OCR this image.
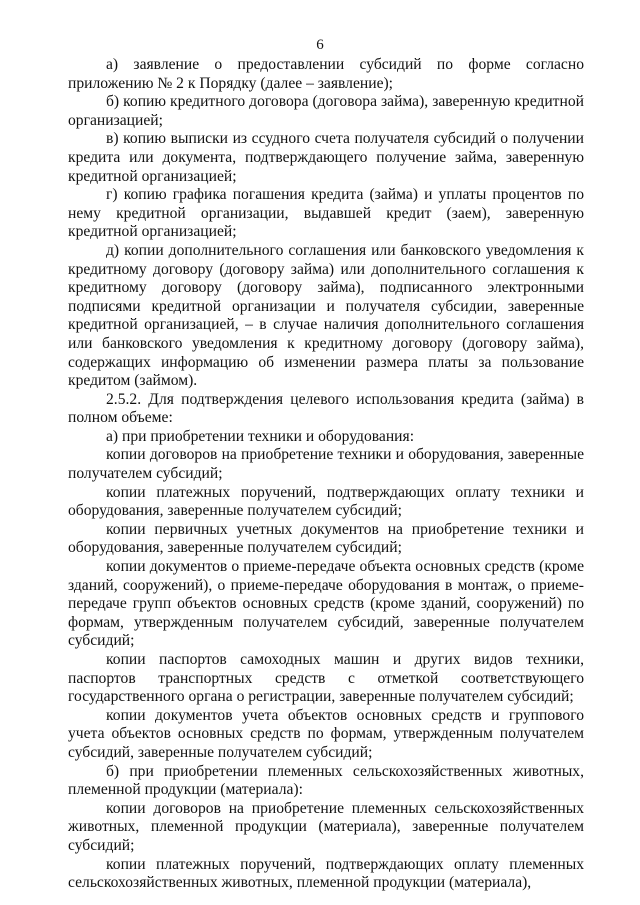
6

а) заявление о предоставлении субсидий по форме согласно приложению № 2 к Порядку (далее – заявление);

б) копию кредитного договора (договора займа), заверенную кредитной организацией;

в) копию выписки из ссудного счета получателя субсидий о получении кредита или документа, подтверждающего получение займа, заверенную кредитной организацией;

г) копию графика погашения кредита (займа) и уплаты процентов по нему кредитной организации, выдавшей кредит (заем), заверенную кредитной организацией;

д) копии дополнительного соглашения или банковского уведомления к кредитному договору (договору займа) или дополнительного соглашения к кредитному договору (договору займа), подписанного электронными подписями кредитной организации и получателя субсидии, заверенные кредитной организацией, – в случае наличия дополнительного соглашения или банковского уведомления к кредитному договору (договору займа), содержащих информацию об изменении размера платы за пользование кредитом (займом).

2.5.2. Для подтверждения целевого использования кредита (займа) в полном объеме:

а) при приобретении техники и оборудования:

копии договоров на приобретение техники и оборудования, заверенные получателем субсидий;

копии платежных поручений, подтверждающих оплату техники и оборудования, заверенные получателем субсидий;

копии первичных учетных документов на приобретение техники и оборудования, заверенные получателем субсидий;

копии документов о приеме-передаче объекта основных средств (кроме зданий, сооружений), о приеме-передаче оборудования в монтаж, о приеме-передаче групп объектов основных средств (кроме зданий, сооружений) по формам, утвержденным получателем субсидий, заверенные получателем субсидий;

копии паспортов самоходных машин и других видов техники, паспортов транспортных средств с отметкой соответствующего государственного органа о регистрации, заверенные получателем субсидий;

копии документов учета объектов основных средств и группового учета объектов основных средств по формам, утвержденным получателем субсидий, заверенные получателем субсидий;

б) при приобретении племенных сельскохозяйственных животных, племенной продукции (материала):

копии договоров на приобретение племенных сельскохозяйственных животных, племенной продукции (материала), заверенные получателем субсидий;

копии платежных поручений, подтверждающих оплату племенных сельскохозяйственных животных, племенной продукции (материала),
